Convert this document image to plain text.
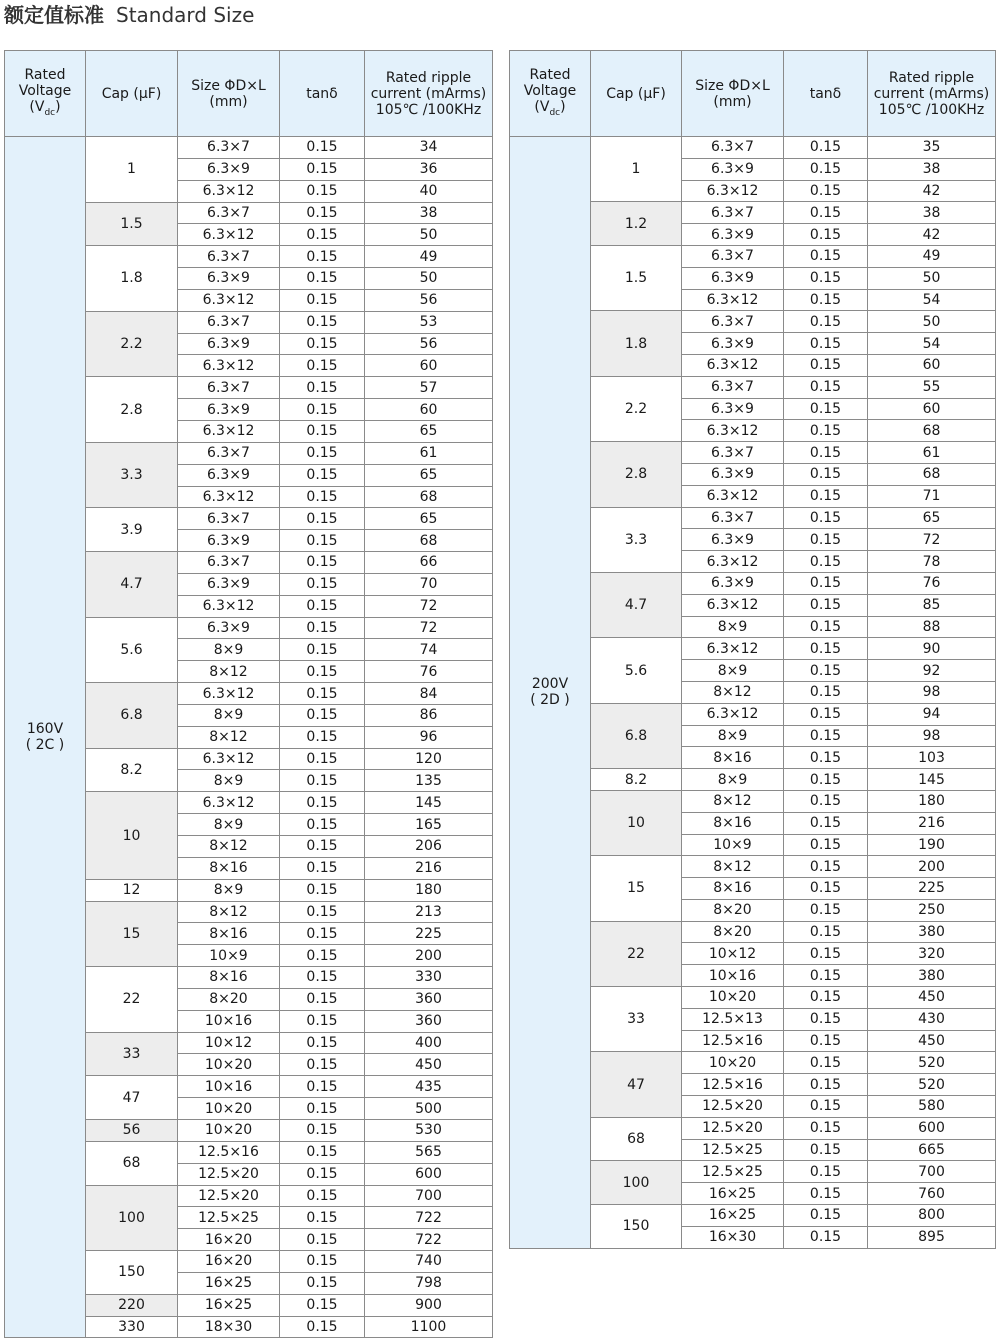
额定值标准 Standard Size
Rated Voltage $(V_{dc})$	Cap (μF)	Size ΦD×L (mm)	tanδ	Rated ripple current (mArms) 105℃ /100KHz

160V
( 2C )	1	6.3×7	0.15	34
		6.3×9	0.15	36
		6.3×12	0.15	40
	1.5	6.3×7	0.15	38
		6.3×12	0.15	50
	1.8	6.3×7	0.15	49
		6.3×9	0.15	50
		6.3×12	0.15	56
	2.2	6.3×7	0.15	53
		6.3×9	0.15	56
		6.3×12	0.15	60
	2.8	6.3×7	0.15	57
		6.3×9	0.15	60
		6.3×12	0.15	65
	3.3	6.3×7	0.15	61
		6.3×9	0.15	65
		6.3×12	0.15	68
	3.9	6.3×7	0.15	65
		6.3×9	0.15	68
	4.7	6.3×7	0.15	66
		6.3×9	0.15	70
		6.3×12	0.15	72
	5.6	6.3×9	0.15	72
		8×9	0.15	74
		8×12	0.15	76
	6.8	6.3×12	0.15	84
		8×9	0.15	86
		8×12	0.15	96
	8.2	6.3×12	0.15	120
		8×9	0.15	135
	10	6.3×12	0.15	145
		8×9	0.15	165
		8×12	0.15	206
		8×16	0.15	216
	12	8×9	0.15	180
	15	8×12	0.15	213
		8×16	0.15	225
		10×9	0.15	200
	22	8×16	0.15	330
		8×20	0.15	360
		10×16	0.15	360
	33	10×12	0.15	400
		10×20	0.15	450
	47	10×16	0.15	435
		10×20	0.15	500
	56	10×20	0.15	530
	68	12.5×16	0.15	565
		12.5×20	0.15	600
	100	12.5×20	0.15	700
		12.5×25	0.15	722
		16×20	0.15	722
	150	16×20	0.15	740
		16×25	0.15	798
	220	16×25	0.15	900
	330	18×30	0.15	1100
Rated Voltage $(V_{dc})$	Cap (μF)	Size ΦD×L (mm)	tanδ	Rated ripple current (mArms) 105℃ /100KHz

200V
( 2D )	1	6.3×7	0.15	35
		6.3×9	0.15	38
		6.3×12	0.15	42
	1.2	6.3×7	0.15	38
		6.3×9	0.15	42
	1.5	6.3×7	0.15	49
		6.3×9	0.15	50
		6.3×12	0.15	54
	1.8	6.3×7	0.15	50
		6.3×9	0.15	54
		6.3×12	0.15	60
	2.2	6.3×7	0.15	55
		6.3×9	0.15	60
		6.3×12	0.15	68
	2.8	6.3×7	0.15	61
		6.3×9	0.15	68
		6.3×12	0.15	71
	3.3	6.3×7	0.15	65
		6.3×9	0.15	72
		6.3×12	0.15	78
	4.7	6.3×9	0.15	76
		6.3×12	0.15	85
		8×9	0.15	88
	5.6	6.3×12	0.15	90
		8×9	0.15	92
		8×12	0.15	98
	6.8	6.3×12	0.15	94
		8×9	0.15	98
		8×16	0.15	103
	8.2	8×9	0.15	145
	10	8×12	0.15	180
		8×16	0.15	216
		10×9	0.15	190
	15	8×12	0.15	200
		8×16	0.15	225
		8×20	0.15	250
	22	8×20	0.15	380
		10×12	0.15	320
		10×16	0.15	380
	33	10×20	0.15	450
		12.5×13	0.15	430
		12.5×16	0.15	450
	47	10×20	0.15	520
		12.5×16	0.15	520
		12.5×20	0.15	580
	68	12.5×20	0.15	600
		12.5×25	0.15	665
	100	12.5×25	0.15	700
		16×25	0.15	760
	150	16×25	0.15	800
		16×30	0.15	895
